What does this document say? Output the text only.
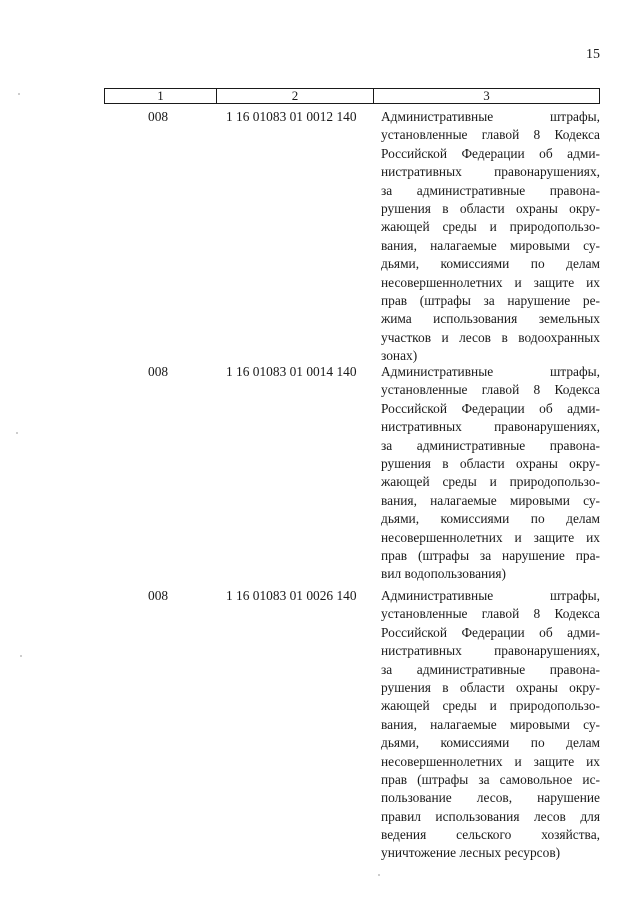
15
1	2	3
008	1 16 01083 01 0012 140 Административные штрафы,
установленные главой 8 Кодекса
Российской Федерации об адми-
нистративных правонарушениях,
за административные правона-
рушения в области охраны окру-
жающей среды и природопользо-
вания, налагаемые мировыми су-
дьями, комиссиями по делам
несовершеннолетних и защите их
прав (штрафы за нарушение ре-
жима использования земельных
участков и лесов в водоохранных
зонах)
008	1 16 01083 01 0014 140 Административные штрафы,
установленные главой 8 Кодекса
Российской Федерации об адми-
нистративных правонарушениях,
за административные правона-
рушения в области охраны окру-
жающей среды и природопользо-
вания, налагаемые мировыми су-
дьями, комиссиями по делам
несовершеннолетних и защите их
прав (штрафы за нарушение пра-
вил водопользования)
008	1 16 01083 01 0026 140 Административные штрафы,
установленные главой 8 Кодекса
Российской Федерации об адми-
нистративных правонарушениях,
за административные правона-
рушения в области охраны окру-
жающей среды и природопользо-
вания, налагаемые мировыми су-
дьями, комиссиями по делам
несовершеннолетних и защите их
прав (штрафы за самовольное ис-
пользование лесов, нарушение
правил использования лесов для
ведения сельского хозяйства,
уничтожение лесных ресурсов)
